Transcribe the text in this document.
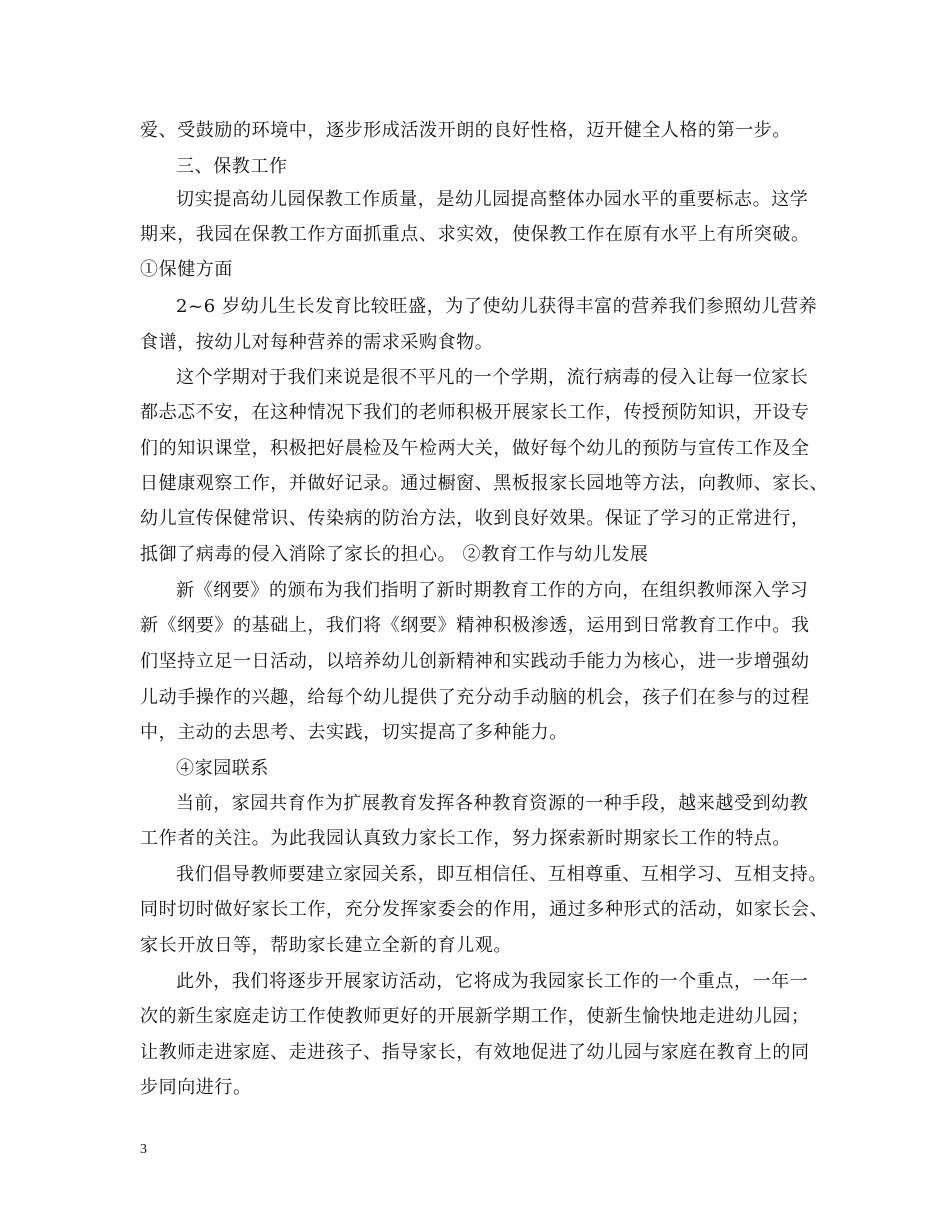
爱、受鼓励的环境中，逐步形成活泼开朗的良好性格，迈开健全人格的第一步。
三、保教工作
切实提高幼儿园保教工作质量，是幼儿园提高整体办园水平的重要标志。这学
期来，我园在保教工作方面抓重点、求实效，使保教工作在原有水平上有所突破。
①保健方面
2~6 岁幼儿生长发育比较旺盛，为了使幼儿获得丰富的营养我们参照幼儿营养
食谱，按幼儿对每种营养的需求采购食物。
这个学期对于我们来说是很不平凡的一个学期，流行病毒的侵入让每一位家长
都忐忑不安，在这种情况下我们的老师积极开展家长工作，传授预防知识，开设专
们的知识课堂，积极把好晨检及午检两大关，做好每个幼儿的预防与宣传工作及全
日健康观察工作，并做好记录。通过橱窗、黑板报家长园地等方法，向教师、家长、
幼儿宣传保健常识、传染病的防治方法，收到良好效果。保证了学习的正常进行，
抵御了病毒的侵入消除了家长的担心。 ②教育工作与幼儿发展
新《纲要》的颁布为我们指明了新时期教育工作的方向，在组织教师深入学习
新《纲要》的基础上，我们将《纲要》精神积极渗透，运用到日常教育工作中。我
们坚持立足一日活动，以培养幼儿创新精神和实践动手能力为核心，进一步增强幼
儿动手操作的兴趣，给每个幼儿提供了充分动手动脑的机会，孩子们在参与的过程
中，主动的去思考、去实践，切实提高了多种能力。
④家园联系
当前，家园共育作为扩展教育发挥各种教育资源的一种手段，越来越受到幼教
工作者的关注。为此我园认真致力家长工作，努力探索新时期家长工作的特点。
我们倡导教师要建立家园关系，即互相信任、互相尊重、互相学习、互相支持。
同时切时做好家长工作，充分发挥家委会的作用，通过多种形式的活动，如家长会、
家长开放日等，帮助家长建立全新的育儿观。
此外，我们将逐步开展家访活动，它将成为我园家长工作的一个重点，一年一
次的新生家庭走访工作使教师更好的开展新学期工作，使新生愉快地走进幼儿园；
让教师走进家庭、走进孩子、指导家长，有效地促进了幼儿园与家庭在教育上的同
步同向进行。
3
